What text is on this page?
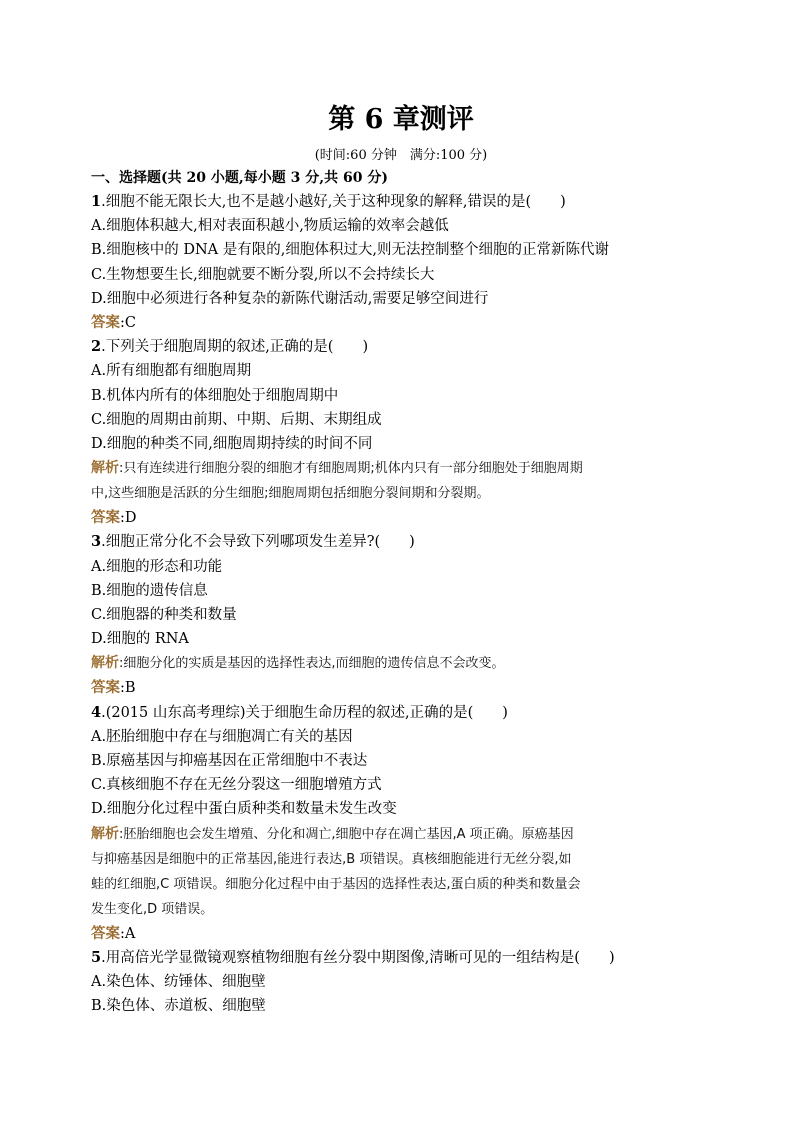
第 6 章测评
(时间:60 分钟　满分:100 分)
一、选择题(共 20 小题,每小题 3 分,共 60 分)
1.细胞不能无限长大,也不是越小越好,关于这种现象的解释,错误的是(　　)
A.细胞体积越大,相对表面积越小,物质运输的效率会越低
B.细胞核中的 DNA 是有限的,细胞体积过大,则无法控制整个细胞的正常新陈代谢
C.生物想要生长,细胞就要不断分裂,所以不会持续长大
D.细胞中必须进行各种复杂的新陈代谢活动,需要足够空间进行
答案:C
2.下列关于细胞周期的叙述,正确的是(　　)
A.所有细胞都有细胞周期
B.机体内所有的体细胞处于细胞周期中
C.细胞的周期由前期、中期、后期、末期组成
D.细胞的种类不同,细胞周期持续的时间不同
解析:只有连续进行细胞分裂的细胞才有细胞周期;机体内只有一部分细胞处于细胞周期
中,这些细胞是活跃的分生细胞;细胞周期包括细胞分裂间期和分裂期。
答案:D
3.细胞正常分化不会导致下列哪项发生差异?(　　)
A.细胞的形态和功能
B.细胞的遗传信息
C.细胞器的种类和数量
D.细胞的 RNA
解析:细胞分化的实质是基因的选择性表达,而细胞的遗传信息不会改变。
答案:B
4.(2015 山东高考理综)关于细胞生命历程的叙述,正确的是(　　)
A.胚胎细胞中存在与细胞凋亡有关的基因
B.原癌基因与抑癌基因在正常细胞中不表达
C.真核细胞不存在无丝分裂这一细胞增殖方式
D.细胞分化过程中蛋白质种类和数量未发生改变
解析:胚胎细胞也会发生增殖、分化和凋亡,细胞中存在凋亡基因,A 项正确。原癌基因
与抑癌基因是细胞中的正常基因,能进行表达,B 项错误。真核细胞能进行无丝分裂,如
蛙的红细胞,C 项错误。细胞分化过程中由于基因的选择性表达,蛋白质的种类和数量会
发生变化,D 项错误。
答案:A
5.用高倍光学显微镜观察植物细胞有丝分裂中期图像,清晰可见的一组结构是(　　)
A.染色体、纺锤体、细胞壁
B.染色体、赤道板、细胞壁
